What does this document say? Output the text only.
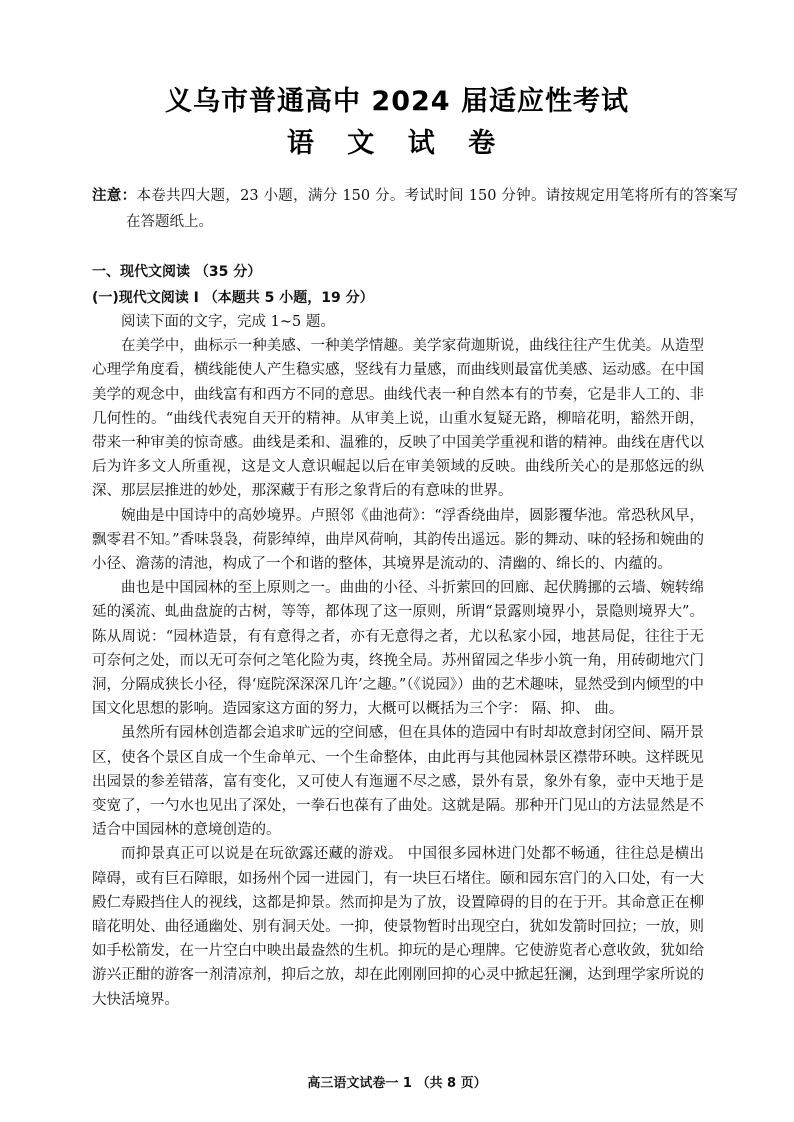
义乌市普通高中 2024 届适应性考试
语 文 试 卷
注意：本卷共四大题，23 小题，满分 150 分。考试时间 150 分钟。请按规定用笔将所有的答案写在答题纸上。
一、现代文阅读 （35 分）
(一)现代文阅读 I （本题共 5 小题，19 分）

阅读下面的文字，完成 1~5 题。

在美学中，曲标示一种美感、一种美学情趣。美学家荷迦斯说，曲线往往产生优美。从造型心理学角度看，横线能使人产生稳实感，竖线有力量感，而曲线则最富优美感、运动感。在中国美学的观念中，曲线富有和西方不同的意思。曲线代表一种自然本有的节奏，它是非人工的、非几何性的。“曲线代表宛自天开的精神。从审美上说，山重水复疑无路，柳暗花明，豁然开朗，带来一种审美的惊奇感。曲线是柔和、温雅的，反映了中国美学重视和谐的精神。曲线在唐代以后为许多文人所重视，这是文人意识崛起以后在审美领域的反映。曲线所关心的是那悠远的纵深、那层层推进的妙处，那深藏于有形之象背后的有意味的世界。

婉曲是中国诗中的高妙境界。卢照邻《曲池荷》：“浮香绕曲岸，圆影覆华池。常恐秋风早，飘零君不知。”香味袅袅，荷影绰绰，曲岸风荷响，其韵传出遥远。影的舞动、味的轻扬和婉曲的小径、澹荡的清池，构成了一个和谐的整体，其境界是流动的、清幽的、绵长的、内蕴的。

曲也是中国园林的至上原则之一。曲曲的小径、斗折萦回的回廊、起伏腾挪的云墙、婉转绵延的溪流、虬曲盘旋的古树，等等，都体现了这一原则，所谓“景露则境界小，景隐则境界大”。陈从周说：“园林造景，有有意得之者，亦有无意得之者，尤以私家小园，地甚局促，往往于无可奈何之处，而以无可奈何之笔化险为夷，终挽全局。苏州留园之华步小筑一角，用砖砌地穴门洞，分隔成狭长小径，得‘庭院深深深几许’之趣。”（《说园》）曲的艺术趣味，显然受到内倾型的中国文化思想的影响。造园家这方面的努力，大概可以概括为三个字： 隔、抑、 曲。

虽然所有园林创造都会追求旷远的空间感，但在具体的造园中有时却故意封闭空间、隔开景区，使各个景区自成一个生命单元、一个生命整体，由此再与其他园林景区襟带环映。这样既见出园景的参差错落，富有变化，又可使人有迤逦不尽之感，景外有景，象外有象，壶中天地于是变宽了，一勺水也见出了深处，一拳石也葆有了曲处。这就是隔。那种开门见山的方法显然是不适合中国园林的意境创造的。

而抑景真正可以说是在玩欲露还藏的游戏。 中国很多园林进门处都不畅通，往往总是横出障碍，或有巨石障眼，如扬州个园一进园门，有一块巨石堵住。颐和园东宫门的入口处，有一大殿仁寿殿挡住人的视线，这都是抑景。然而抑是为了放，设置障碍的目的在于开。其命意正在柳暗花明处、曲径通幽处、别有洞天处。一抑，使景物暂时出现空白，犹如发箭时回拉；一放，则如手松箭发，在一片空白中映出最盎然的生机。抑玩的是心理牌。它使游览者心意收敛，犹如给游兴正酣的游客一剂清凉剂，抑后之放，却在此刚刚回抑的心灵中掀起狂澜，达到理学家所说的大快活境界。

高三语文试卷一 1 （共 8 页）
